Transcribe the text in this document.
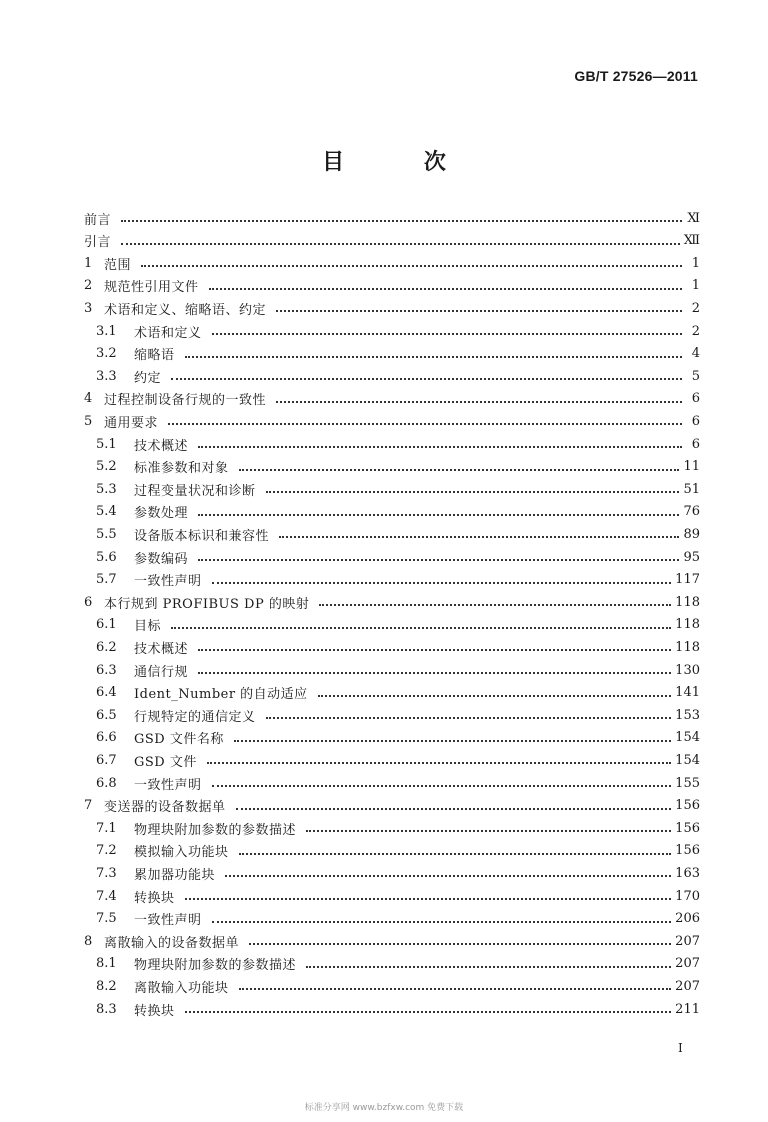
GB/T 27526—2011
目 次
前言	Ⅺ
引言	Ⅻ
1 范围	1
2 规范性引用文件	1
3 术语和定义、缩略语、约定	2
3.1	术语和定义	2
3.2	缩略语	4
3.3	约定	5
4 过程控制设备行规的一致性	6
5 通用要求	6
5.1	技术概述	6
5.2	标准参数和对象	11
5.3	过程变量状况和诊断	51
5.4	参数处理	76
5.5	设备版本标识和兼容性	89
5.6	参数编码	95
5.7	一致性声明	117
6 本行规到 PROFIBUS DP 的映射	118
6.1	目标	118
6.2	技术概述	118
6.3	通信行规	130
6.4	Ident_Number 的自动适应	141
6.5	行规特定的通信定义	153
6.6	GSD 文件名称	154
6.7	GSD 文件	154
6.8	一致性声明	155
7 变送器的设备数据单	156
7.1	物理块附加参数的参数描述	156
7.2	模拟输入功能块	156
7.3	累加器功能块	163
7.4	转换块	170
7.5	一致性声明	206
8 离散输入的设备数据单	207
8.1	物理块附加参数的参数描述	207
8.2	离散输入功能块	207
8.3	转换块	211
Ⅰ
标准分享网 www.bzfxw.com 免费下载
